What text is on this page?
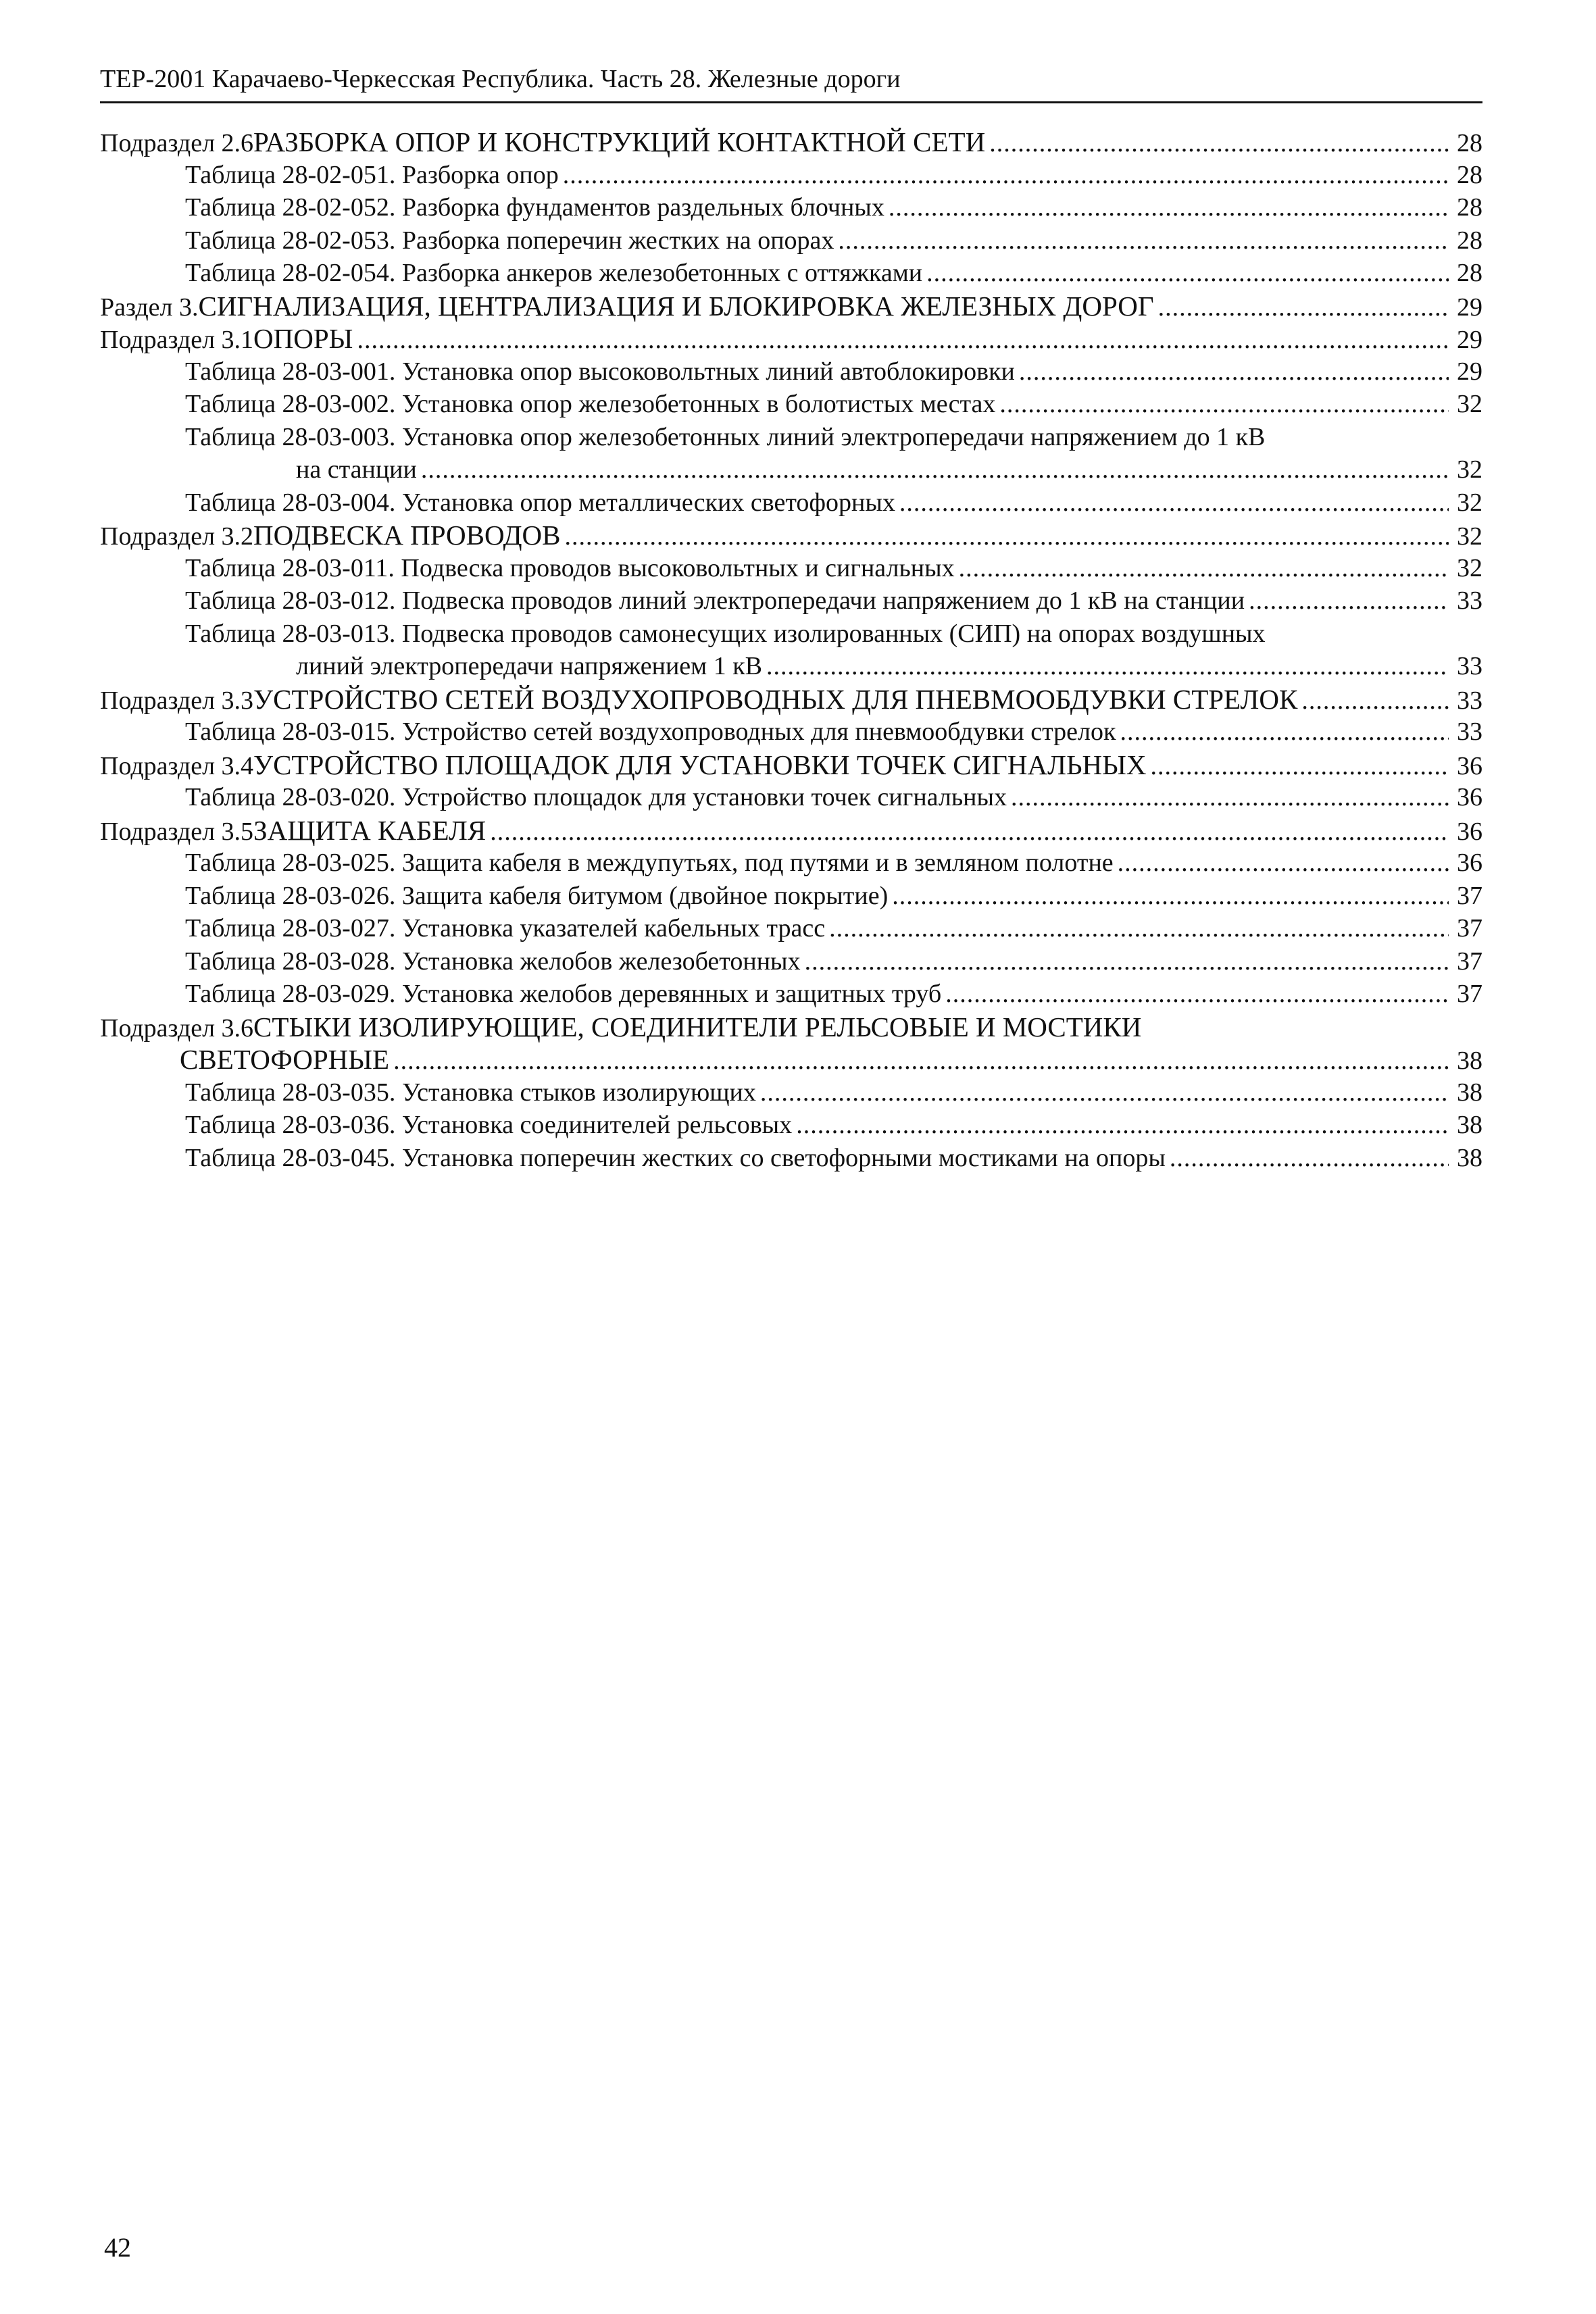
ТЕР-2001 Карачаево-Черкесская Республика. Часть 28. Железные дороги
Подраздел 2.6 РАЗБОРКА ОПОР И КОНСТРУКЦИЙ КОНТАКТНОЙ СЕТИ .....	28
Таблица 28-02-051. Разборка опор .....	28
Таблица 28-02-052. Разборка фундаментов раздельных блочных .....	28
Таблица 28-02-053. Разборка поперечин жестких на опорах .....	28
Таблица 28-02-054. Разборка анкеров железобетонных с оттяжками .....	28
Раздел 3. СИГНАЛИЗАЦИЯ, ЦЕНТРАЛИЗАЦИЯ И БЛОКИРОВКА ЖЕЛЕЗНЫХ ДОРОГ .....	29
Подраздел 3.1 ОПОРЫ .....	29
Таблица 28-03-001. Установка опор высоковольтных линий автоблокировки .....	29
Таблица 28-03-002. Установка опор железобетонных в болотистых местах .....	32
Таблица 28-03-003. Установка опор железобетонных линий электропередачи напряжением до 1 кВ
на станции .....	32
Таблица 28-03-004. Установка опор металлических светофорных .....	32
Подраздел 3.2 ПОДВЕСКА ПРОВОДОВ .....	32
Таблица 28-03-011. Подвеска проводов высоковольтных и сигнальных .....	32
Таблица 28-03-012. Подвеска проводов линий электропередачи напряжением до 1 кВ на станции .....	33
Таблица 28-03-013. Подвеска проводов самонесущих изолированных (СИП) на опорах воздушных
линий электропередачи напряжением 1 кВ .....	33
Подраздел 3.3 УСТРОЙСТВО СЕТЕЙ ВОЗДУХОПРОВОДНЫХ ДЛЯ ПНЕВМООБДУВКИ СТРЕЛОК .....	33
Таблица 28-03-015. Устройство сетей воздухопроводных для пневмообдувки стрелок .....	33
Подраздел 3.4 УСТРОЙСТВО ПЛОЩАДОК ДЛЯ УСТАНОВКИ ТОЧЕК СИГНАЛЬНЫХ .....	36
Таблица 28-03-020. Устройство площадок для установки точек сигнальных .....	36
Подраздел 3.5 ЗАЩИТА КАБЕЛЯ .....	36
Таблица 28-03-025. Защита кабеля в междупутьях, под путями и в земляном полотне .....	36
Таблица 28-03-026. Защита кабеля битумом (двойное покрытие) .....	37
Таблица 28-03-027. Установка указателей кабельных трасс .....	37
Таблица 28-03-028. Установка желобов железобетонных .....	37
Таблица 28-03-029. Установка желобов деревянных и защитных труб .....	37
Подраздел 3.6 СТЫКИ ИЗОЛИРУЮЩИЕ, СОЕДИНИТЕЛИ РЕЛЬСОВЫЕ И МОСТИКИ
СВЕТОФОРНЫЕ .....	38
Таблица 28-03-035. Установка стыков изолирующих .....	38
Таблица 28-03-036. Установка соединителей рельсовых .....	38
Таблица 28-03-045. Установка поперечин жестких со светофорными мостиками на опоры .....	38
42
